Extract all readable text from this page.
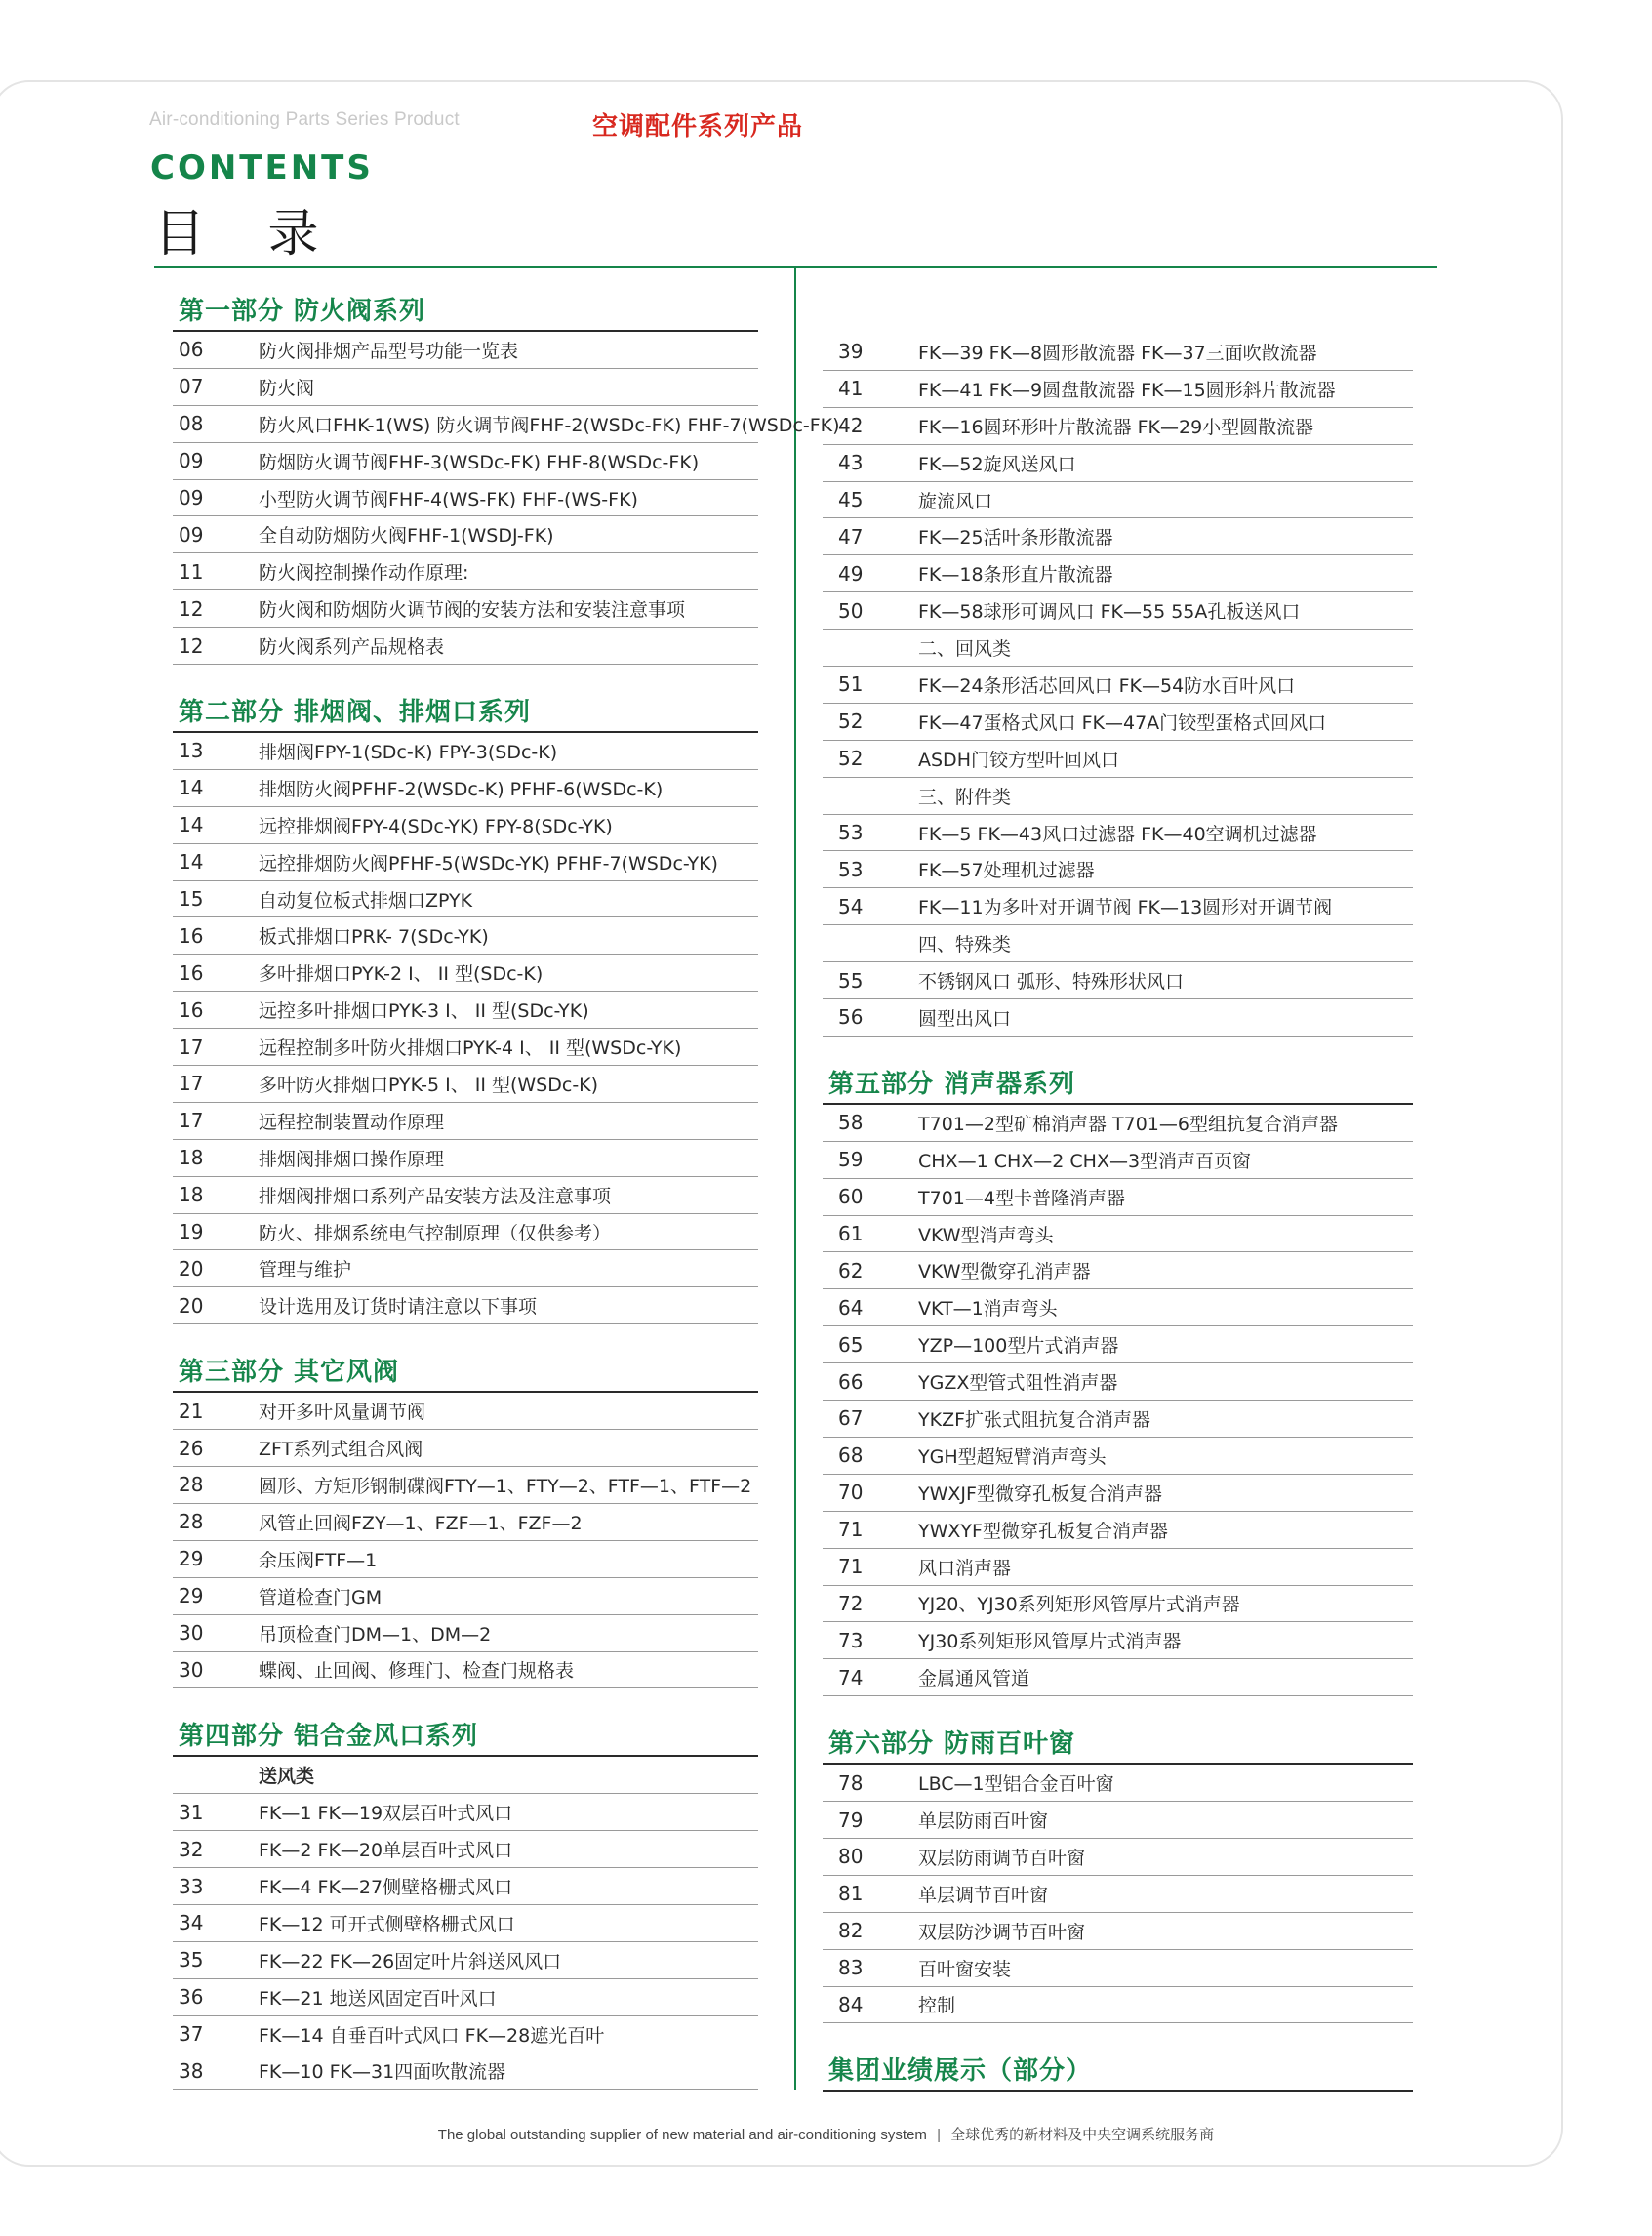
Air-conditioning Parts Series Product	空调配件系列产品
CONTENTS
目 录
第一部分 防火阀系列
06	防火阀排烟产品型号功能一览表
07	防火阀
08	防火风口FHK-1(WS) 防火调节阀FHF-2(WSDc-FK) FHF-7(WSDc-FK)
09	防烟防火调节阀FHF-3(WSDc-FK) FHF-8(WSDc-FK)
09	小型防火调节阀FHF-4(WS-FK) FHF-(WS-FK)
09	全自动防烟防火阀FHF-1(WSDJ-FK)
11	防火阀控制操作动作原理:
12	防火阀和防烟防火调节阀的安装方法和安装注意事项
12	防火阀系列产品规格表
第二部分 排烟阀、排烟口系列
13	排烟阀FPY-1(SDc-K) FPY-3(SDc-K)
14	排烟防火阀PFHF-2(WSDc-K) PFHF-6(WSDc-K)
14	远控排烟阀FPY-4(SDc-YK) FPY-8(SDc-YK)
14	远控排烟防火阀PFHF-5(WSDc-YK) PFHF-7(WSDc-YK)
15	自动复位板式排烟口ZPYK
16	板式排烟口PRK- 7(SDc-YK)
16	多叶排烟口PYK-2 I、 II 型(SDc-K)
16	远控多叶排烟口PYK-3 I、 II 型(SDc-YK)
17	远程控制多叶防火排烟口PYK-4 I、 II 型(WSDc-YK)
17	多叶防火排烟口PYK-5 I、 II 型(WSDc-K)
17	远程控制装置动作原理
18	排烟阀排烟口操作原理
18	排烟阀排烟口系列产品安装方法及注意事项
19	防火、排烟系统电气控制原理（仅供参考）
20	管理与维护
20	设计选用及订货时请注意以下事项
第三部分 其它风阀
21	对开多叶风量调节阀
26	ZFT系列式组合风阀
28	圆形、方矩形钢制碟阀FTY—1、FTY—2、FTF—1、FTF—2
28	风管止回阀FZY—1、FZF—1、FZF—2
29	余压阀FTF—1
29	管道检查门GM
30	吊顶检查门DM—1、DM—2
30	蝶阀、止回阀、修理门、检查门规格表
第四部分 铝合金风口系列
送风类
31	FK—1 FK—19双层百叶式风口
32	FK—2 FK—20单层百叶式风口
33	FK—4 FK—27侧壁格栅式风口
34	FK—12 可开式侧壁格栅式风口
35	FK—22 FK—26固定叶片斜送风风口
36	FK—21 地送风固定百叶风口
37	FK—14 自垂百叶式风口 FK—28遮光百叶
38	FK—10 FK—31四面吹散流器
39	FK—39 FK—8圆形散流器 FK—37三面吹散流器
41	FK—41 FK—9圆盘散流器 FK—15圆形斜片散流器
42	FK—16圆环形叶片散流器 FK—29小型圆散流器
43	FK—52旋风送风口
45	旋流风口
47	FK—25活叶条形散流器
49	FK—18条形直片散流器
50	FK—58球形可调风口 FK—55 55A孔板送风口
二、回风类
51	FK—24条形活芯回风口 FK—54防水百叶风口
52	FK—47蛋格式风口 FK—47A门铰型蛋格式回风口
52	ASDH门铰方型叶回风口
三、附件类
53	FK—5 FK—43风口过滤器 FK—40空调机过滤器
53	FK—57处理机过滤器
54	FK—11为多叶对开调节阀 FK—13圆形对开调节阀
四、特殊类
55	不锈钢风口 弧形、特殊形状风口
56	圆型出风口
第五部分 消声器系列
58	T701—2型矿棉消声器 T701—6型组抗复合消声器
59	CHX—1 CHX—2 CHX—3型消声百页窗
60	T701—4型卡普隆消声器
61	VKW型消声弯头
62	VKW型微穿孔消声器
64	VKT—1消声弯头
65	YZP—100型片式消声器
66	YGZX型管式阻性消声器
67	YKZF扩张式阻抗复合消声器
68	YGH型超短臂消声弯头
70	YWXJF型微穿孔板复合消声器
71	YWXYF型微穿孔板复合消声器
71	风口消声器
72	YJ20、YJ30系列矩形风管厚片式消声器
73	YJ30系列矩形风管厚片式消声器
74	金属通风管道
第六部分 防雨百叶窗
78	LBC—1型铝合金百叶窗
79	单层防雨百叶窗
80	双层防雨调节百叶窗
81	单层调节百叶窗
82	双层防沙调节百叶窗
83	百叶窗安装
84	控制
集团业绩展示（部分）
The global outstanding supplier of new material and air-conditioning system | 全球优秀的新材料及中央空调系统服务商
